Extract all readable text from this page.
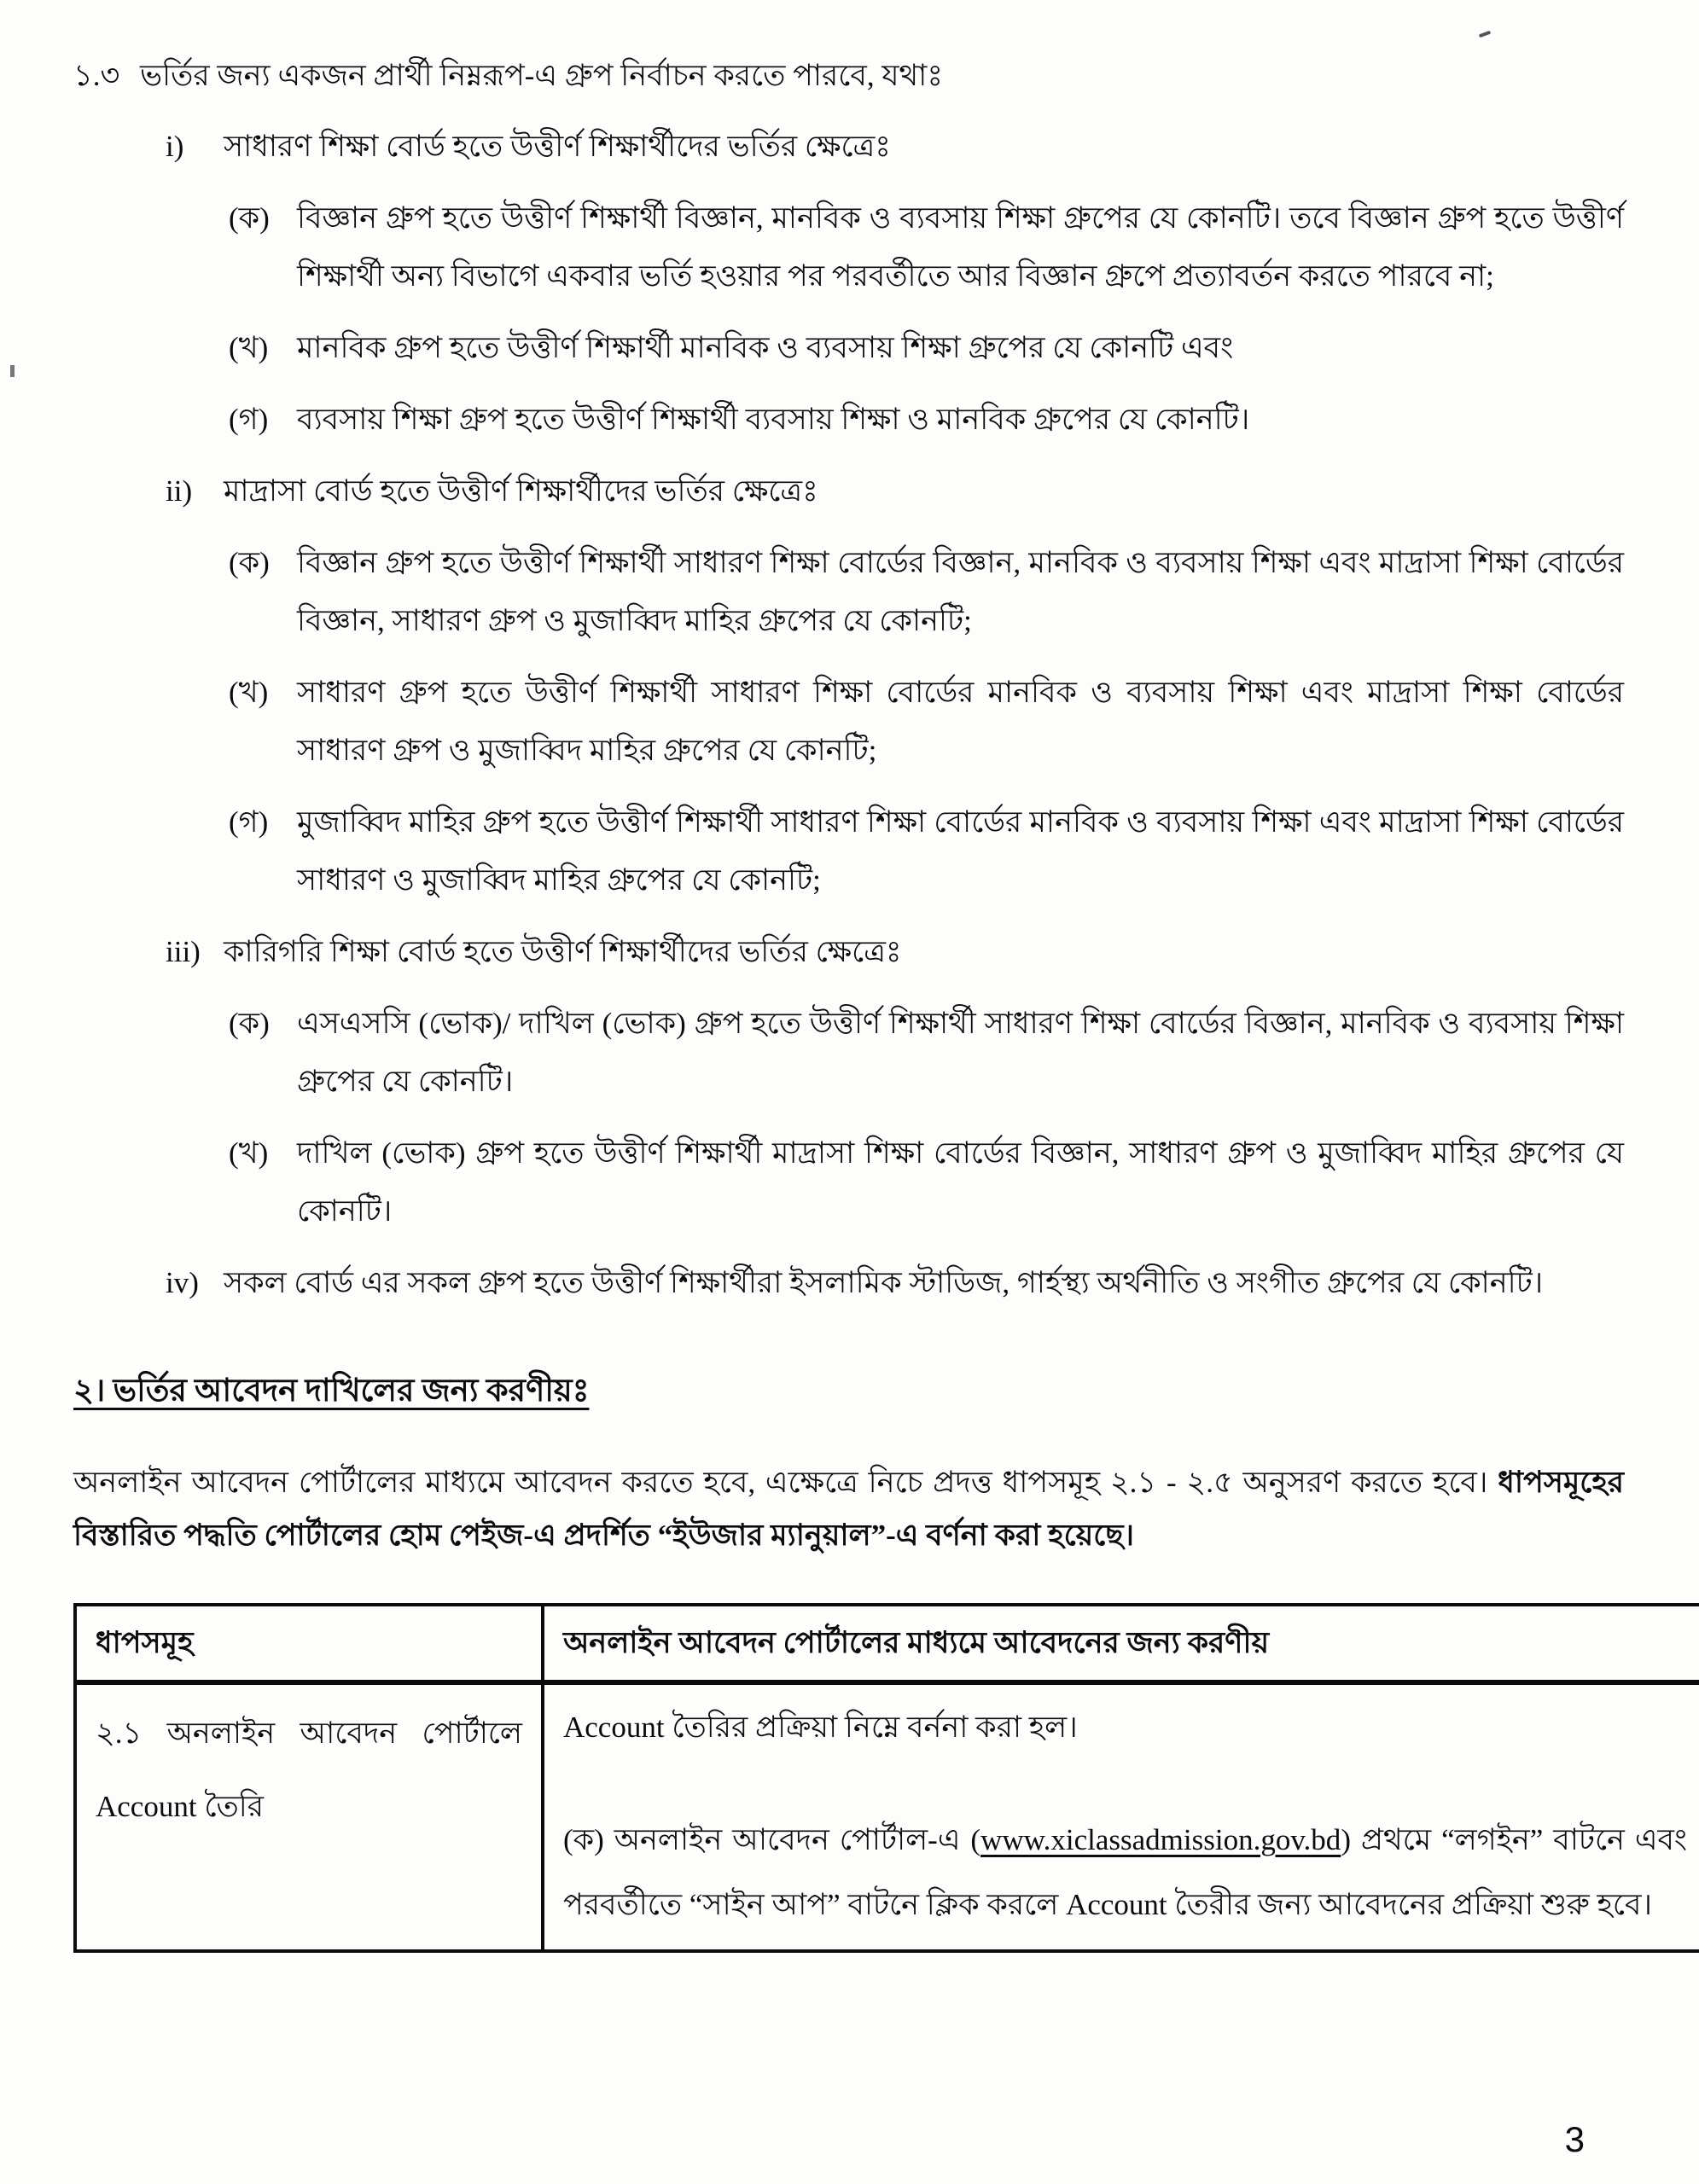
১.৩ ভর্তির জন্য একজন প্রার্থী নিম্নরূপ-এ গ্রুপ নির্বাচন করতে পারবে, যথাঃ
i)	সাধারণ শিক্ষা বোর্ড হতে উত্তীর্ণ শিক্ষার্থীদের ভর্তির ক্ষেত্রেঃ
(ক) বিজ্ঞান গ্রুপ হতে উত্তীর্ণ শিক্ষার্থী বিজ্ঞান, মানবিক ও ব্যবসায় শিক্ষা গ্রুপের যে কোনটি। তবে বিজ্ঞান গ্রুপ হতে উত্তীর্ণ শিক্ষার্থী অন্য বিভাগে একবার ভর্তি হওয়ার পর পরবর্তীতে আর বিজ্ঞান গ্রুপে প্রত্যাবর্তন করতে পারবে না;
(খ) মানবিক গ্রুপ হতে উত্তীর্ণ শিক্ষার্থী মানবিক ও ব্যবসায় শিক্ষা গ্রুপের যে কোনটি এবং
(গ) ব্যবসায় শিক্ষা গ্রুপ হতে উত্তীর্ণ শিক্ষার্থী ব্যবসায় শিক্ষা ও মানবিক গ্রুপের যে কোনটি।
ii)	মাদ্রাসা বোর্ড হতে উত্তীর্ণ শিক্ষার্থীদের ভর্তির ক্ষেত্রেঃ
(ক) বিজ্ঞান গ্রুপ হতে উত্তীর্ণ শিক্ষার্থী সাধারণ শিক্ষা বোর্ডের বিজ্ঞান, মানবিক ও ব্যবসায় শিক্ষা এবং মাদ্রাসা শিক্ষা বোর্ডের বিজ্ঞান, সাধারণ গ্রুপ ও মুজাব্বিদ মাহির গ্রুপের যে কোনটি;
(খ) সাধারণ গ্রুপ হতে উত্তীর্ণ শিক্ষার্থী সাধারণ শিক্ষা বোর্ডের মানবিক ও ব্যবসায় শিক্ষা এবং মাদ্রাসা শিক্ষা বোর্ডের সাধারণ গ্রুপ ও মুজাব্বিদ মাহির গ্রুপের যে কোনটি;
(গ) মুজাব্বিদ মাহির গ্রুপ হতে উত্তীর্ণ শিক্ষার্থী সাধারণ শিক্ষা বোর্ডের মানবিক ও ব্যবসায় শিক্ষা এবং মাদ্রাসা শিক্ষা বোর্ডের সাধারণ ও মুজাব্বিদ মাহির গ্রুপের যে কোনটি;
iii) কারিগরি শিক্ষা বোর্ড হতে উত্তীর্ণ শিক্ষার্থীদের ভর্তির ক্ষেত্রেঃ
(ক) এসএসসি (ভোক)/ দাখিল (ভোক) গ্রুপ হতে উত্তীর্ণ শিক্ষার্থী সাধারণ শিক্ষা বোর্ডের বিজ্ঞান, মানবিক ও ব্যবসায় শিক্ষা গ্রুপের যে কোনটি।
(খ) দাখিল (ভোক) গ্রুপ হতে উত্তীর্ণ শিক্ষার্থী মাদ্রাসা শিক্ষা বোর্ডের বিজ্ঞান, সাধারণ গ্রুপ ও মুজাব্বিদ মাহির গ্রুপের যে কোনটি।
iv) সকল বোর্ড এর সকল গ্রুপ হতে উত্তীর্ণ শিক্ষার্থীরা ইসলামিক স্টাডিজ, গার্হস্থ্য অর্থনীতি ও সংগীত গ্রুপের যে কোনটি।
২। ভর্তির আবেদন দাখিলের জন্য করণীয়ঃ
অনলাইন আবেদন পোর্টালের মাধ্যমে আবেদন করতে হবে, এক্ষেত্রে নিচে প্রদত্ত ধাপসমূহ ২.১ - ২.৫ অনুসরণ করতে হবে। ধাপসমূহের বিস্তারিত পদ্ধতি পোর্টালের হোম পেইজ-এ প্রদর্শিত “ইউজার ম্যানুয়াল”-এ বর্ণনা করা হয়েছে।
ধাপসমূহ	অনলাইন আবেদন পোর্টালের মাধ্যমে আবেদনের জন্য করণীয়

২.১ অনলাইন আবেদন পোর্টালে Account তৈরি	Account তৈরির প্রক্রিয়া নিম্নে বর্ননা করা হল।
(ক) অনলাইন আবেদন পোর্টাল-এ (www.xiclassadmission.gov.bd) প্রথমে “লগইন” বাটনে এবং পরবর্তীতে “সাইন আপ” বাটনে ক্লিক করলে Account তৈরীর জন্য আবেদনের প্রক্রিয়া শুরু হবে।
3
